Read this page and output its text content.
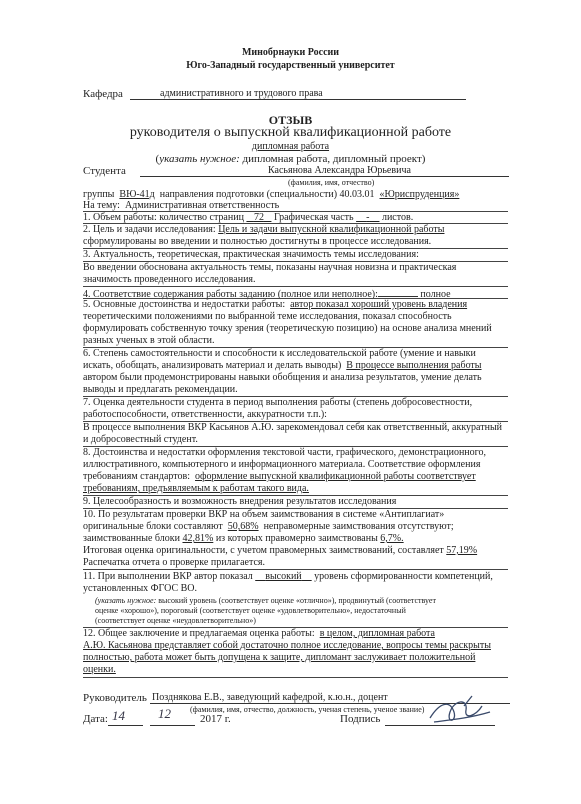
Минобрнауки России
Юго-Западный государственный университет
Кафедра	административного и трудового права
ОТЗЫВ
руководителя о выпускной квалификационной работе
дипломная работа
(указать нужное: дипломная работа, дипломный проект)
Студента	Касьянова Александра Юрьевича
(фамилия, имя, отчество)
группы ВЮ-41д направления подготовки (специальности) 40.03.01 «Юриспруденция»
На тему: Административная ответственность
1. Объем работы: количество страниц 72 Графическая часть - листов.
2. Цель и задачи исследования: Цель и задачи выпускной квалификационной работы
сформулированы во введении и полностью достигнуты в процессе исследования.
3. Актуальность, теоретическая, практическая значимость темы исследования:
Во введении обоснована актуальность темы, показаны научная новизна и практическая
значимость проведенного исследования.
4. Соответствие содержания работы заданию (полное или неполное):	полное
5. Основные достоинства и недостатки работы: автор показал хороший уровень владения
теоретическими положениями по выбранной теме исследования, показал способность
формулировать собственную точку зрения (теоретическую позицию) на основе анализа мнений
разных ученых в этой области.
6. Степень самостоятельности и способности к исследовательской работе (умение и навыки
искать, обобщать, анализировать материал и делать выводы) В процессе выполнения работы
автором были продемонстрированы навыки обобщения и анализа результатов, умение делать
выводы и предлагать рекомендации.
7. Оценка деятельности студента в период выполнения работы (степень добросовестности,
работоспособности, ответственности, аккуратности т.п.):
В процессе выполнения ВКР Касьянов А.Ю. зарекомендовал себя как ответственный, аккуратный
и добросовестный студент.
8. Достоинства и недостатки оформления текстовой части, графического, демонстрационного,
иллюстративного, компьютерного и информационного материала. Соответствие оформления
требованиям стандартов: оформление выпускной квалификационной работы соответствует
требованиям, предъявляемым к работам такого вида.
9. Целесообразность и возможность внедрения результатов исследования
10. По результатам проверки ВКР на объем заимствования в системе «Антиплагиат»
оригинальные блоки составляют 50,68% неправомерные заимствования отсутствуют;
заимствованные блоки 42,81% из которых правомерно заимствованы 6,7%.
Итоговая оценка оригинальности, с учетом правомерных заимствований, составляет 57,19%
Распечатка отчета о проверке прилагается.
11. При выполнении ВКР автор показал высокий уровень сформированности компетенций,
установленных ФГОС ВО.
(указать нужное: высокий уровень (соответствует оценке «отлично»), продвинутый (соответствует
оценке «хорошо»), пороговый (соответствует оценке «удовлетворительно», недостаточный
(соответствует оценке «неудовлетворительно»)
12. Общее заключение и предлагаемая оценка работы: в целом, дипломная работа
А.Ю. Касьянова представляет собой достаточно полное исследование, вопросы темы раскрыты
полностью, работа может быть допущена к защите, дипломант заслуживает положительной
оценки.
Руководитель Позднякова Е.В., заведующий кафедрой, к.ю.н., доцент
(фамилия, имя, отчество, должность, ученая степень, ученое звание)
Дата: 14	12	2017 г.	Подпись
